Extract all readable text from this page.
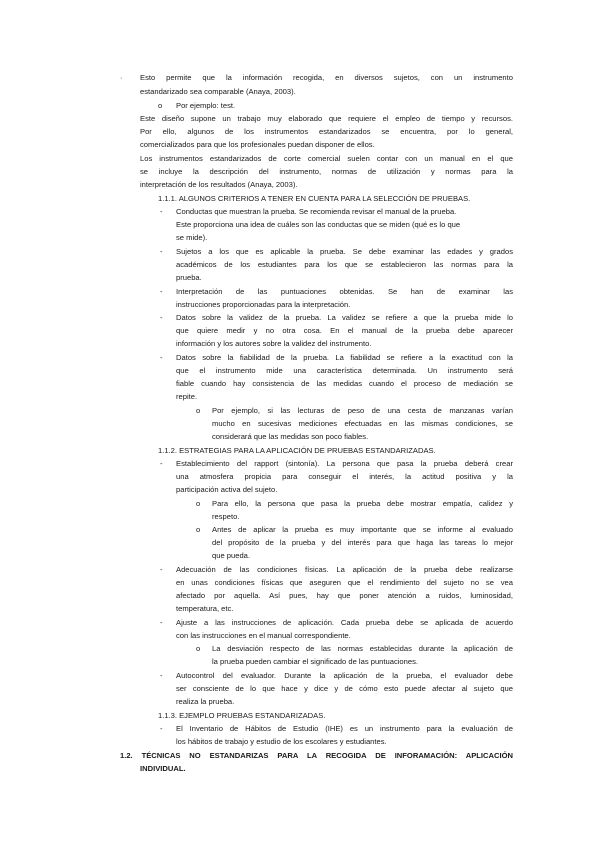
· Esto permite que la información recogida, en diversos sujetos, con un instrumento
estandarizado sea comparable (Anaya, 2003).
o Por ejemplo: test.
Este diseño supone un trabajo muy elaborado que requiere el empleo de tiempo y recursos.
Por ello, algunos de los instrumentos estandarizados se encuentra, por lo general,
comercializados para que los profesionales puedan disponer de ellos.
Los instrumentos estandarizados de corte comercial suelen contar con un manual en el que
se incluye la descripción del instrumento, normas de utilización y normas para la
interpretación de los resultados (Anaya, 2003).
1.1.1. ALGUNOS CRITERIOS A TENER EN CUENTA PARA LA SELECCIÓN DE PRUEBAS.
- Conductas que muestran la prueba. Se recomienda revisar el manual de la prueba.
Este proporciona una idea de cuáles son las conductas que se miden (qué es lo que
se mide).
- Sujetos a los que es aplicable la prueba. Se debe examinar las edades y grados
académicos de los estudiantes para los que se establecieron las normas para la
prueba.
- Interpretación de las puntuaciones obtenidas. Se han de examinar las
instrucciones proporcionadas para la interpretación.
- Datos sobre la validez de la prueba. La validez se refiere a que la prueba mide lo
que quiere medir y no otra cosa. En el manual de la prueba debe aparecer
información y los autores sobre la validez del instrumento.
- Datos sobre la fiabilidad de la prueba. La fiabilidad se refiere a la exactitud con la
que el instrumento mide una característica determinada. Un instrumento será
fiable cuando hay consistencia de las medidas cuando el proceso de mediación se
repite.
o Por ejemplo, si las lecturas de peso de una cesta de manzanas varían
mucho en sucesivas mediciones efectuadas en las mismas condiciones, se
considerará que las medidas son poco fiables.
1.1.2. ESTRATEGIAS PARA LA APLICACIÓN DE PRUEBAS ESTANDARIZADAS.
- Establecimiento del rapport (sintonía). La persona que pasa la prueba deberá crear
una atmosfera propicia para conseguir el interés, la actitud positiva y la
participación activa del sujeto.
o Para ello, la persona que pasa la prueba debe mostrar empatía, calidez y
respeto.
o Antes de aplicar la prueba es muy importante que se informe al evaluado
del propósito de la prueba y del interés para que haga las tareas lo mejor
que pueda.
- Adecuación de las condiciones físicas. La aplicación de la prueba debe realizarse
en unas condiciones físicas que aseguren que el rendimiento del sujeto no se vea
afectado por aquella. Así pues, hay que poner atención a ruidos, luminosidad,
temperatura, etc.
- Ajuste a las instrucciones de aplicación. Cada prueba debe se aplicada de acuerdo
con las instrucciones en el manual correspondiente.
o La desviación respecto de las normas establecidas durante la aplicación de
la prueba pueden cambiar el significado de las puntuaciones.
- Autocontrol del evaluador. Durante la aplicación de la prueba, el evaluador debe
ser consciente de lo que hace y dice y de cómo esto puede afectar al sujeto que
realiza la prueba.
1.1.3. EJEMPLO PRUEBAS ESTANDARIZADAS.
- El Inventario de Hábitos de Estudio (IHE) es un instrumento para la evaluación de
los hábitos de trabajo y estudio de los escolares y estudiantes.
1.2. TÉCNICAS NO ESTANDARIZAS PARA LA RECOGIDA DE INFORAMACIÓN: APLICACIÓN
INDIVIDUAL.
